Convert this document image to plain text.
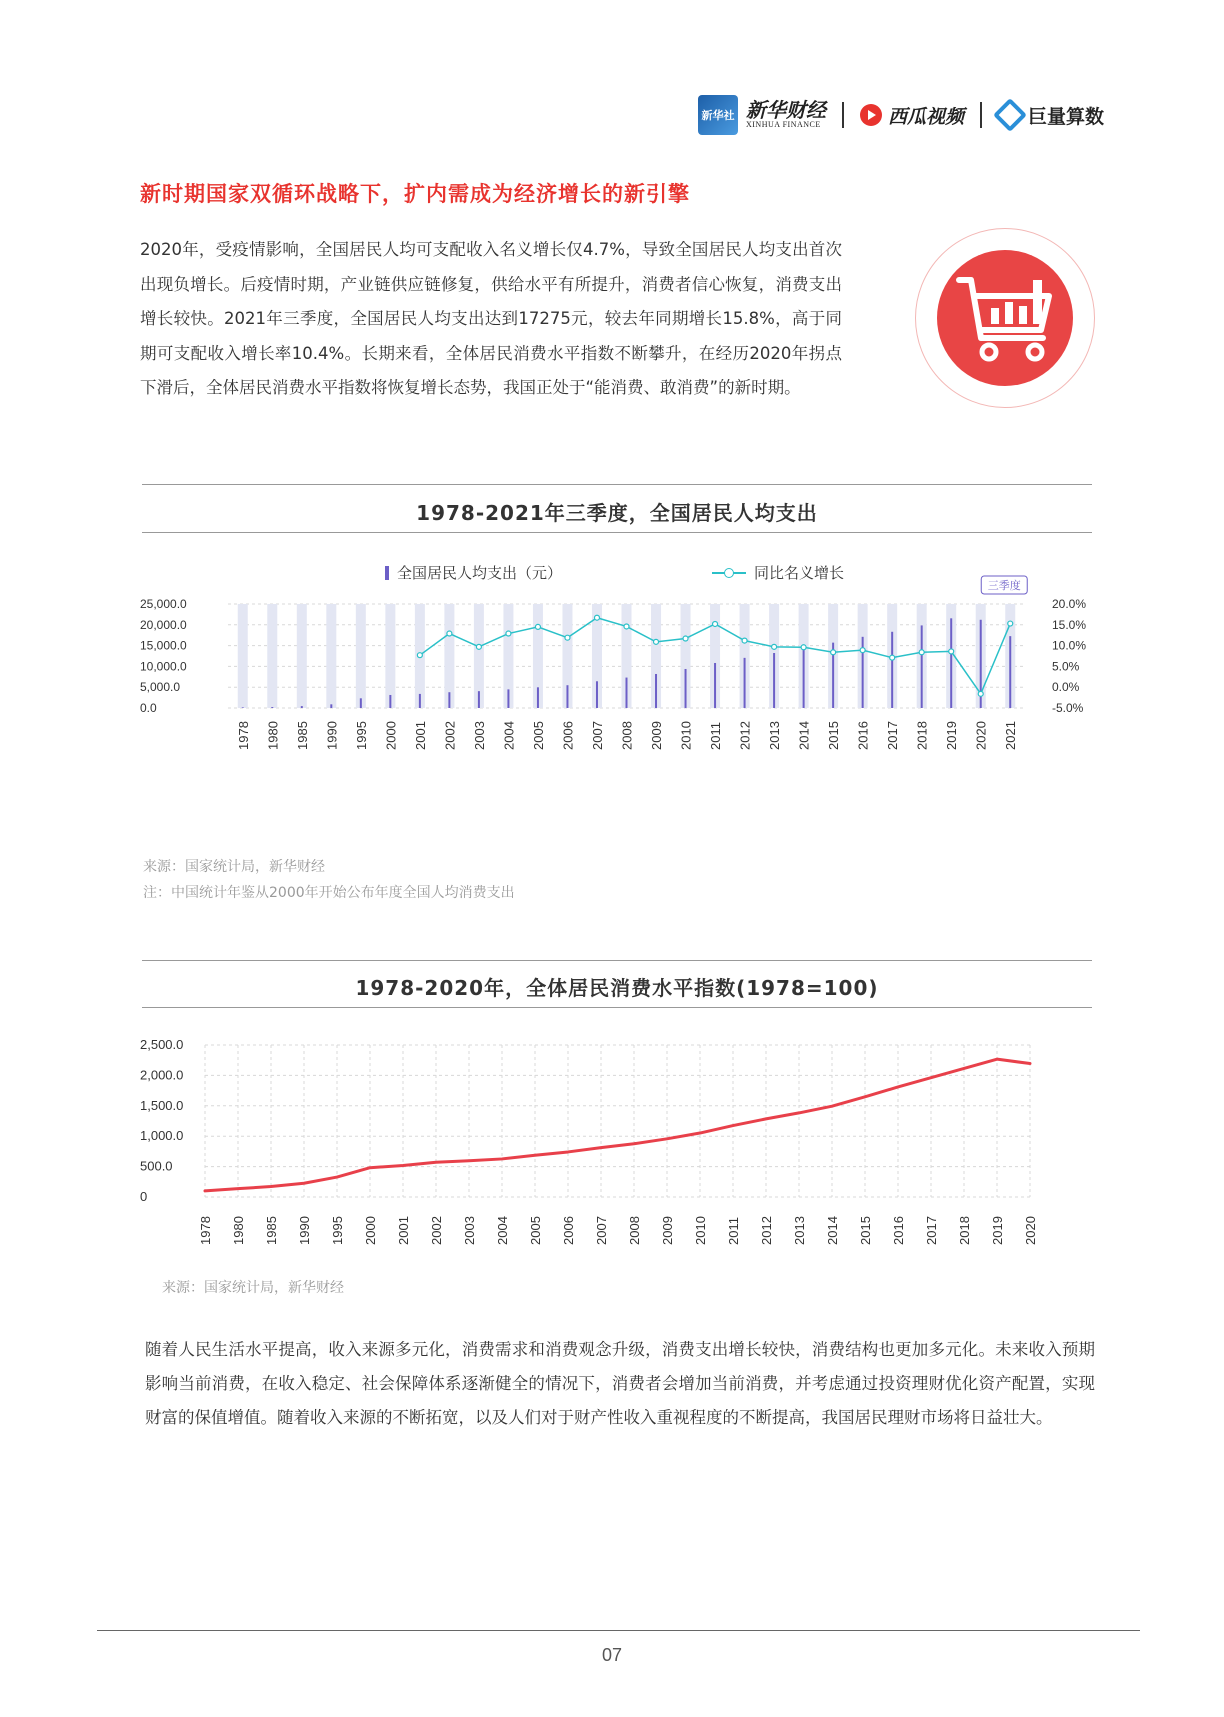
新华社 新华财经
XINHUA FINANCE	西瓜视频	巨量算数
新时期国家双循环战略下，扩内需成为经济增长的新引擎
2020年，受疫情影响，全国居民人均可支配收入名义增长仅4.7%，导致全国居民人均支出首次出现负增长。后疫情时期，产业链供应链修复，供给水平有所提升，消费者信心恢复，消费支出增长较快。2021年三季度，全国居民人均支出达到17275元，较去年同期增长15.8%，高于同期可支配收入增长率10.4%。长期来看，全体居民消费水平指数不断攀升，在经历2020年拐点下滑后，全体居民消费水平指数将恢复增长态势，我国正处于“能消费、敢消费”的新时期。
1978-2021年三季度，全国居民人均支出
全国居民人均支出（元）	同比名义增长
0.0
5,000.0
10,000.0
15,000.0
20,000.0
25,000.0
-5.0%
0.0%
5.0%
10.0%
15.0%
20.0%
1978 1980 1985 1990 1995 2000 2001 2002 2003 2004 2005 2006 2007 2008 2009 2010 2011 2012 2013 2014 2015 2016 2017 2018 2019 2020 2021
三季度
来源：国家统计局，新华财经
注：中国统计年鉴从2000年开始公布年度全国人均消费支出
1978-2020年，全体居民消费水平指数(1978=100)
0
500.0
1,000.0
1,500.0
2,000.0
2,500.0
1978 1980 1985 1990 1995 2000 2001 2002 2003 2004 2005 2006 2007 2008 2009 2010 2011 2012 2013 2014 2015 2016 2017 2018 2019 2020
来源：国家统计局，新华财经
随着人民生活水平提高，收入来源多元化，消费需求和消费观念升级，消费支出增长较快，消费结构也更加多元化。未来收入预期影响当前消费，在收入稳定、社会保障体系逐渐健全的情况下，消费者会增加当前消费，并考虑通过投资理财优化资产配置，实现财富的保值增值。随着收入来源的不断拓宽，以及人们对于财产性收入重视程度的不断提高，我国居民理财市场将日益壮大。
07
